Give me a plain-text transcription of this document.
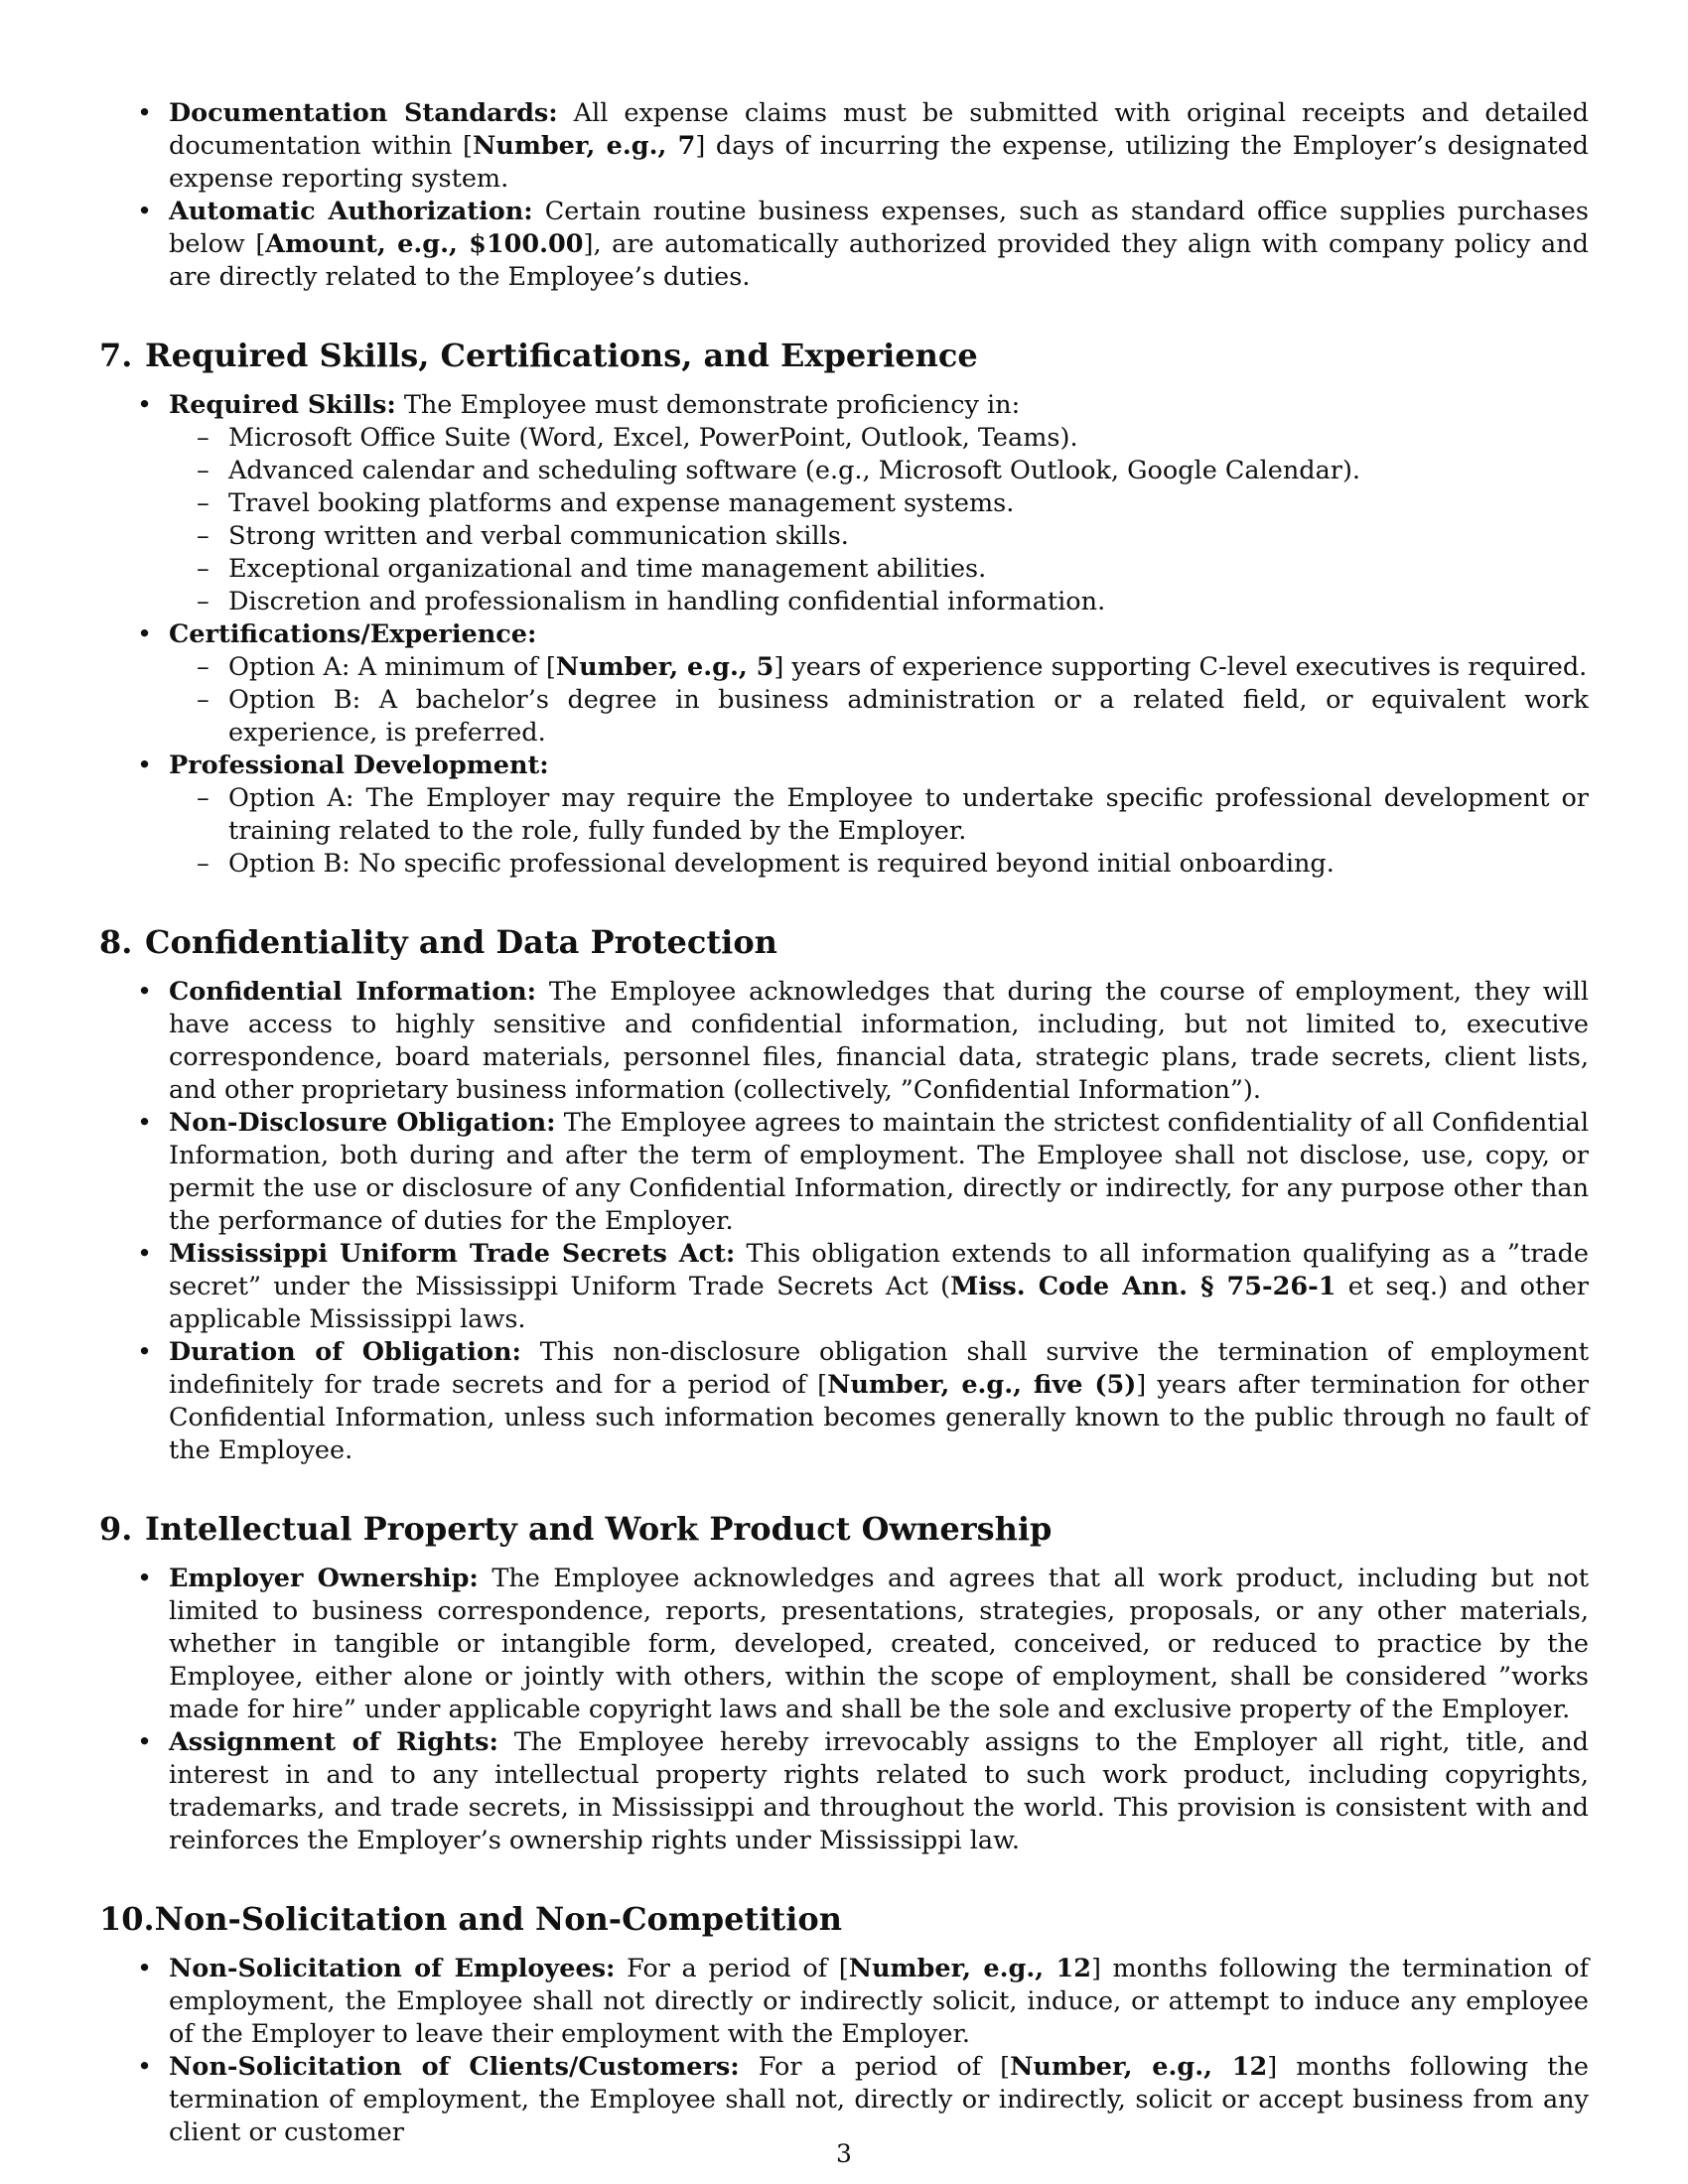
• Documentation Standards: All expense claims must be submitted with original receipts and detailed documentation within [Number, e.g., 7] days of incurring the expense, utilizing the Employer’s designated expense reporting system.
• Automatic Authorization: Certain routine business expenses, such as standard office supplies purchases below [Amount, e.g., $100.00], are automatically authorized provided they align with company policy and are directly related to the Employee’s duties.
7. Required Skills, Certifications, and Experience
• Required Skills: The Employee must demonstrate proficiency in:
– Microsoft Office Suite (Word, Excel, PowerPoint, Outlook, Teams).
– Advanced calendar and scheduling software (e.g., Microsoft Outlook, Google Calendar).
– Travel booking platforms and expense management systems.
– Strong written and verbal communication skills.
– Exceptional organizational and time management abilities.
– Discretion and professionalism in handling confidential information.
• Certifications/Experience:
– Option A: A minimum of [Number, e.g., 5] years of experience supporting C-level executives is required.
– Option B: A bachelor’s degree in business administration or a related field, or equivalent work experience, is preferred.
• Professional Development:
– Option A: The Employer may require the Employee to undertake specific professional development or training related to the role, fully funded by the Employer.
– Option B: No specific professional development is required beyond initial onboarding.
8. Confidentiality and Data Protection
• Confidential Information: The Employee acknowledges that during the course of employment, they will have access to highly sensitive and confidential information, including, but not limited to, executive correspondence, board materials, personnel files, financial data, strategic plans, trade secrets, client lists, and other proprietary business information (collectively, ”Confidential Information”).
• Non-Disclosure Obligation: The Employee agrees to maintain the strictest confidentiality of all Confidential Information, both during and after the term of employment. The Employee shall not disclose, use, copy, or permit the use or disclosure of any Confidential Information, directly or indirectly, for any purpose other than the performance of duties for the Employer.
• Mississippi Uniform Trade Secrets Act: This obligation extends to all information qualifying as a ”trade secret” under the Mississippi Uniform Trade Secrets Act (Miss. Code Ann. § 75-26-1 et seq.) and other applicable Mississippi laws.
• Duration of Obligation: This non-disclosure obligation shall survive the termination of employment indefinitely for trade secrets and for a period of [Number, e.g., five (5)] years after termination for other Confidential Information, unless such information becomes generally known to the public through no fault of the Employee.
9. Intellectual Property and Work Product Ownership
• Employer Ownership: The Employee acknowledges and agrees that all work product, including but not limited to business correspondence, reports, presentations, strategies, proposals, or any other materials, whether in tangible or intangible form, developed, created, conceived, or reduced to practice by the Employee, either alone or jointly with others, within the scope of employment, shall be considered ”works made for hire” under applicable copyright laws and shall be the sole and exclusive property of the Employer.
• Assignment of Rights: The Employee hereby irrevocably assigns to the Employer all right, title, and interest in and to any intellectual property rights related to such work product, including copyrights, trademarks, and trade secrets, in Mississippi and throughout the world. This provision is consistent with and reinforces the Employer’s ownership rights under Mississippi law.
10.Non-Solicitation and Non-Competition
• Non-Solicitation of Employees: For a period of [Number, e.g., 12] months following the termination of employment, the Employee shall not directly or indirectly solicit, induce, or attempt to induce any employee of the Employer to leave their employment with the Employer.
• Non-Solicitation of Clients/Customers: For a period of [Number, e.g., 12] months following the termination of employment, the Employee shall not, directly or indirectly, solicit or accept business from any client or customer
3
